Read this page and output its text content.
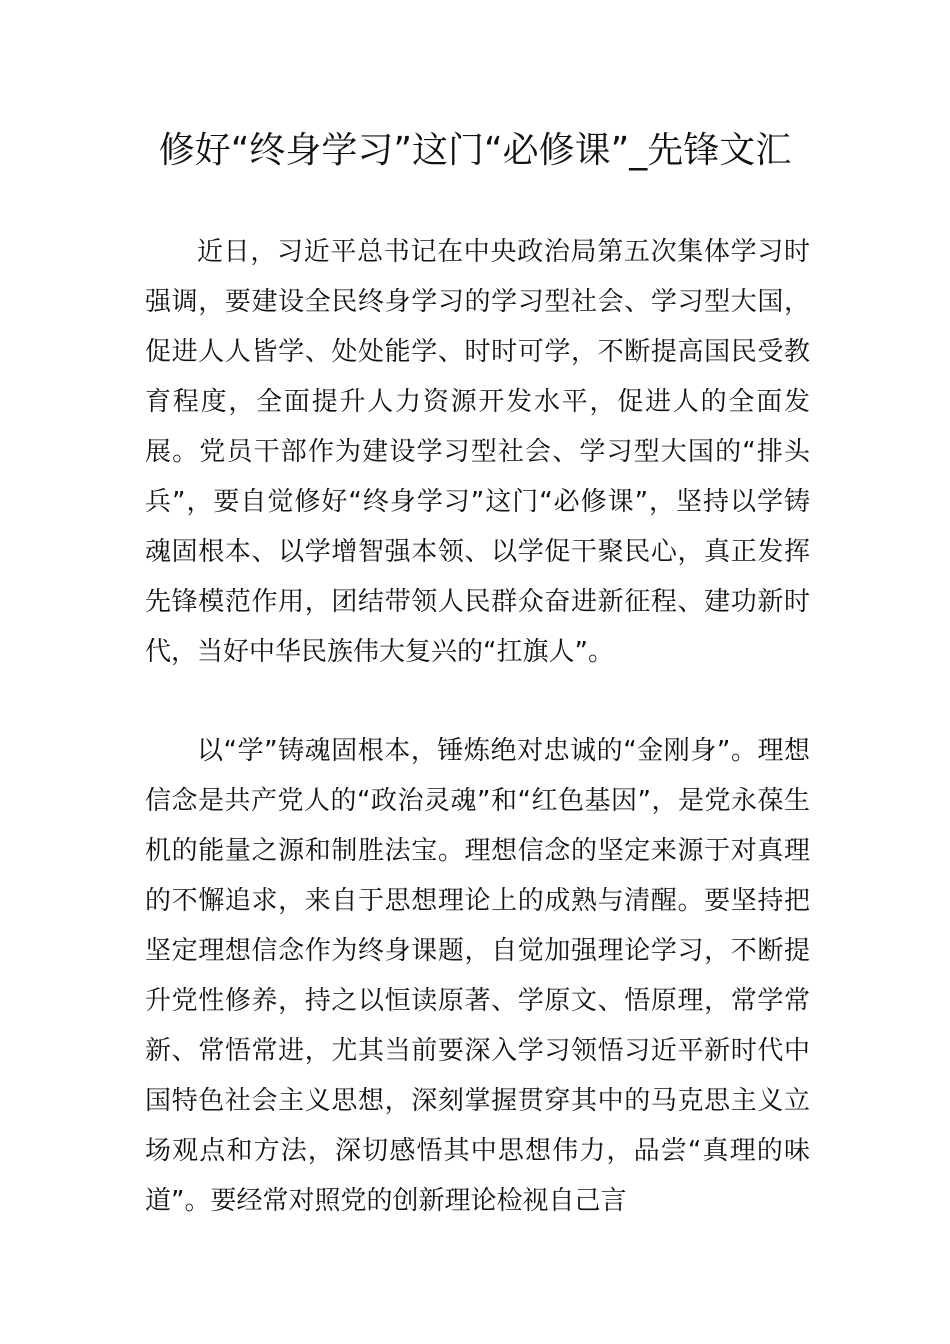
修好“终身学习”这门“必修课”_先锋文汇

近日，习近平总书记在中央政治局第五次集体学习时强调，要建设全民终身学习的学习型社会、学习型大国，促进人人皆学、处处能学、时时可学，不断提高国民受教育程度，全面提升人力资源开发水平，促进人的全面发展。党员干部作为建设学习型社会、学习型大国的“排头兵”，要自觉修好“终身学习”这门“必修课”，坚持以学铸魂固根本、以学增智强本领、以学促干聚民心，真正发挥先锋模范作用，团结带领人民群众奋进新征程、建功新时代，当好中华民族伟大复兴的“扛旗人”。

以“学”铸魂固根本，锤炼绝对忠诚的“金刚身”。理想信念是共产党人的“政治灵魂”和“红色基因”，是党永葆生机的能量之源和制胜法宝。理想信念的坚定来源于对真理的不懈追求，来自于思想理论上的成熟与清醒。要坚持把坚定理想信念作为终身课题，自觉加强理论学习，不断提升党性修养，持之以恒读原著、学原文、悟原理，常学常新、常悟常进，尤其当前要深入学习领悟习近平新时代中国特色社会主义思想，深刻掌握贯穿其中的马克思主义立场观点和方法，深切感悟其中思想伟力，品尝“真理的味道”。要经常对照党的创新理论检视自己言
